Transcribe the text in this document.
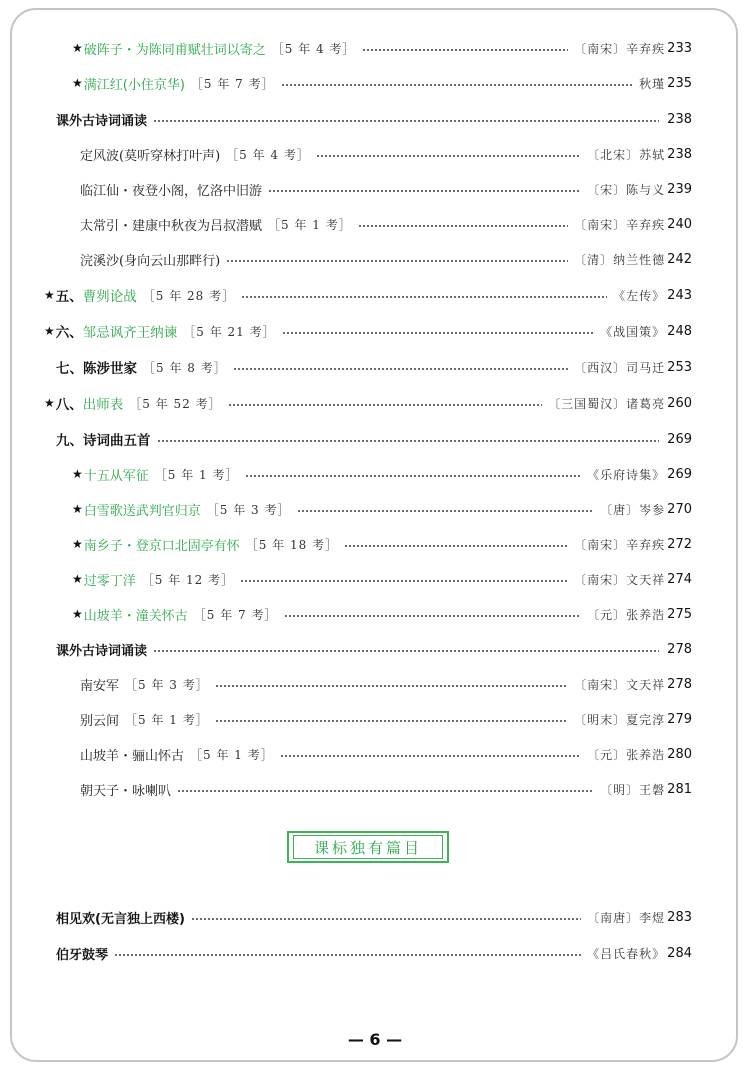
★ 破阵子・为陈同甫赋壮词以寄之 ［5 年 4 考］	〔南宋〕辛弃疾 233
★ 满江红(小住京华) ［5 年 7 考］	秋瑾 235
课外古诗词诵读	238
定风波(莫听穿林打叶声) ［5 年 4 考］	〔北宋〕苏轼 238
临江仙・夜登小阁，忆洛中旧游	〔宋〕陈与义 239
太常引・建康中秋夜为吕叔潜赋 ［5 年 1 考］	〔南宋〕辛弃疾 240
浣溪沙(身向云山那畔行)	〔清〕纳兰性德 242
★ 五、 曹刿论战 ［5 年 28 考］	《左传》 243
★ 六、 邹忌讽齐王纳谏 ［5 年 21 考］	《战国策》 248
七、 陈涉世家 ［5 年 8 考］	〔西汉〕司马迁 253
★ 八、 出师表 ［5 年 52 考］	〔三国蜀汉〕诸葛亮 260
九、 诗词曲五首	269
★ 十五从军征 ［5 年 1 考］	《乐府诗集》 269
★ 白雪歌送武判官归京 ［5 年 3 考］	〔唐〕岑参 270
★ 南乡子・登京口北固亭有怀 ［5 年 18 考］	〔南宋〕辛弃疾 272
★ 过零丁洋 ［5 年 12 考］	〔南宋〕文天祥 274
★ 山坡羊・潼关怀古 ［5 年 7 考］	〔元〕张养浩 275
课外古诗词诵读	278
南安军 ［5 年 3 考］	〔南宋〕文天祥 278
别云间 ［5 年 1 考］	〔明末〕夏完淳 279
山坡羊・骊山怀古 ［5 年 1 考］	〔元〕张养浩 280
朝天子・咏喇叭	〔明〕王磐 281
相见欢(无言独上西楼)	〔南唐〕李煜 283
伯牙鼓琴	《吕氏春秋》 284
课标独有篇目
— 6 —
